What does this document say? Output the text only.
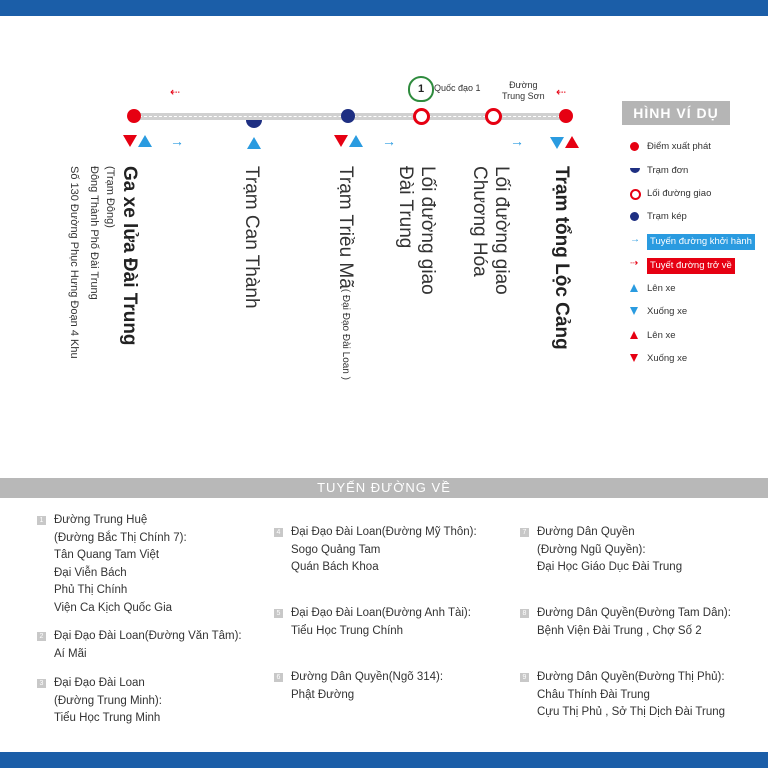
⇠	⇠
1	Quốc đạo 1	Đường
Trung Sơn
→	→	→
Ga xe lửa Đài Trung
(Trạm Đông)
Đông Thành Phố Đài Trung
Số 130 Đường Phục Hưng Đoạn 4 Khu	Trạm Can Thành	Trạm Triều Mã( Đại Đạo Đài Loan )
Lối đường giao
Đài Trung	Lối đường giao
Chương Hóa	Trạm tổng Lộc Cảng
HÌNH VÍ DỤ
Điểm xuất phát
Trạm đơn
Lối đường giao
Trạm kép
→	Tuyến đường khởi hành
⇢	Tuyết đường trở về
Lên xe
Xuống xe
Lên xe
Xuống xe
TUYẾN ĐƯỜNG VỀ
1 Đường Trung Huệ
(Đường Bắc Thị Chính 7):
Tân Quang Tam Việt
Đại Viễn Bách
Phủ Thị Chính
Viện Ca Kịch Quốc Gia
2 Đại Đạo Đài Loan(Đường Văn Tâm):
Aí Mãi
3 Đại Đạo Đài Loan
(Đường Trung Minh):
Tiểu Học Trung Minh
4 Đại Đạo Đài Loan(Đường Mỹ Thôn):
Sogo Quảng Tam
Quán Bách Khoa
5 Đại Đạo Đài Loan(Đường Anh Tài):
Tiểu Học Trung Chính
6 Đường Dân Quyền(Ngõ 314):
Phật Đường
7 Đường Dân Quyền
(Đường Ngũ Quyền):
Đại Học Giáo Dục Đài Trung
8 Đường Dân Quyền(Đường Tam Dân):
Bệnh Viện Đài Trung , Chợ Số 2
9 Đường Dân Quyền(Đường Thị Phủ):
Châu Thính Đài Trung
Cựu Thị Phủ , Sở Thị Dịch Đài Trung
